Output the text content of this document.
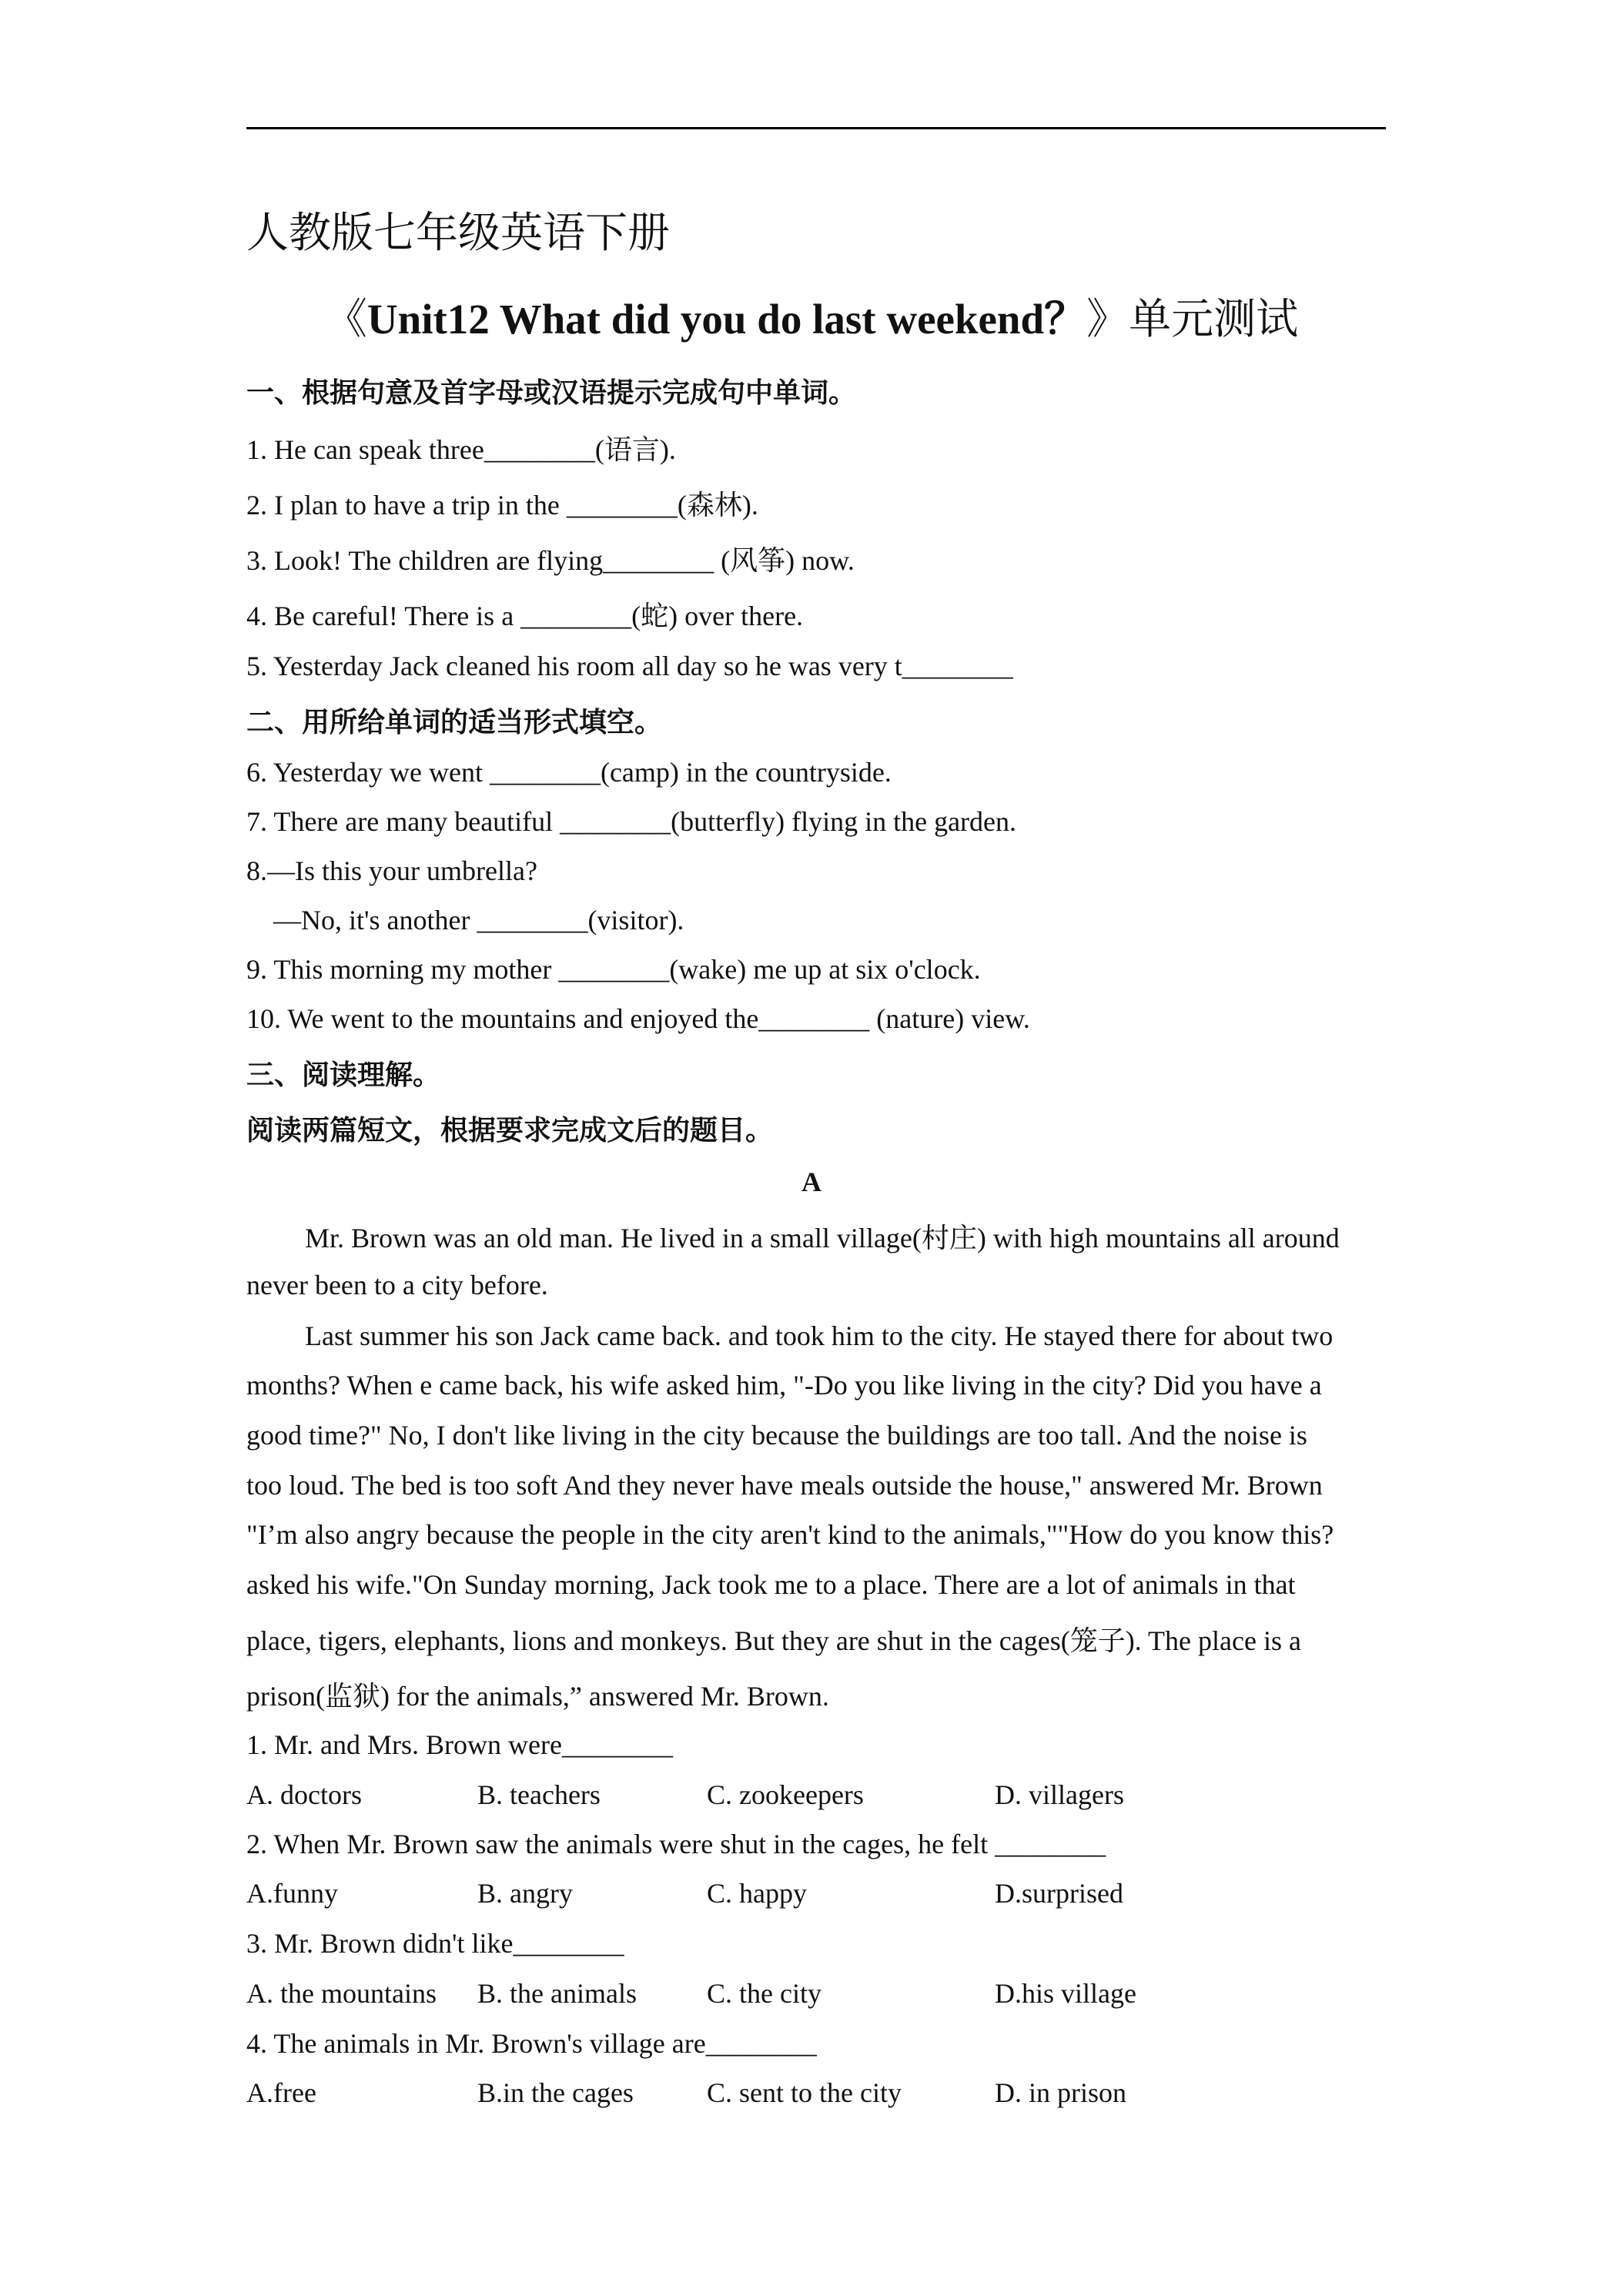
人教版七年级英语下册
《Unit12 What did you do last weekend？》单元测试
一、根据句意及首字母或汉语提示完成句中单词。
1. He can speak three________(语言).
2. I plan to have a trip in the ________(森林).
3. Look! The children are flying________ (风筝) now.
4. Be careful! There is a ________(蛇) over there.
5. Yesterday Jack cleaned his room all day so he was very t________
二、用所给单词的适当形式填空。
6. Yesterday we went ________(camp) in the countryside.
7. There are many beautiful ________(butterfly) flying in the garden.
8.—Is this your umbrella?
—No, it's another ________(visitor).
9. This morning my mother ________(wake) me up at six o'clock.
10. We went to the mountains and enjoyed the________ (nature) view.
三、阅读理解。
阅读两篇短文，根据要求完成文后的题目。
A
Mr. Brown was an old man. He lived in a small village(村庄) with high mountains all around
never been to a city before.
Last summer his son Jack came back. and took him to the city. He stayed there for about two
months? When e came back, his wife asked him, "-Do you like living in the city? Did you have a
good time?" No, I don't like living in the city because the buildings are too tall. And the noise is
too loud. The bed is too soft And they never have meals outside the house," answered Mr. Brown
"I’m also angry because the people in the city aren't kind to the animals,""How do you know this?
asked his wife."On Sunday morning, Jack took me to a place. There are a lot of animals in that
place, tigers, elephants, lions and monkeys. But they are shut in the cages(笼子). The place is a
prison(监狱) for the animals,” answered Mr. Brown.
1. Mr. and Mrs. Brown were________
A. doctors	B. teachers	C. zookeepers	D. villagers
2. When Mr. Brown saw the animals were shut in the cages, he felt ________
A.funny	B. angry	C. happy	D.surprised
3. Mr. Brown didn't like________
A. the mountains B. the animals	C. the city	D.his village
4. The animals in Mr. Brown's village are________
A.free	B.in the cages	C. sent to the city	D. in prison
